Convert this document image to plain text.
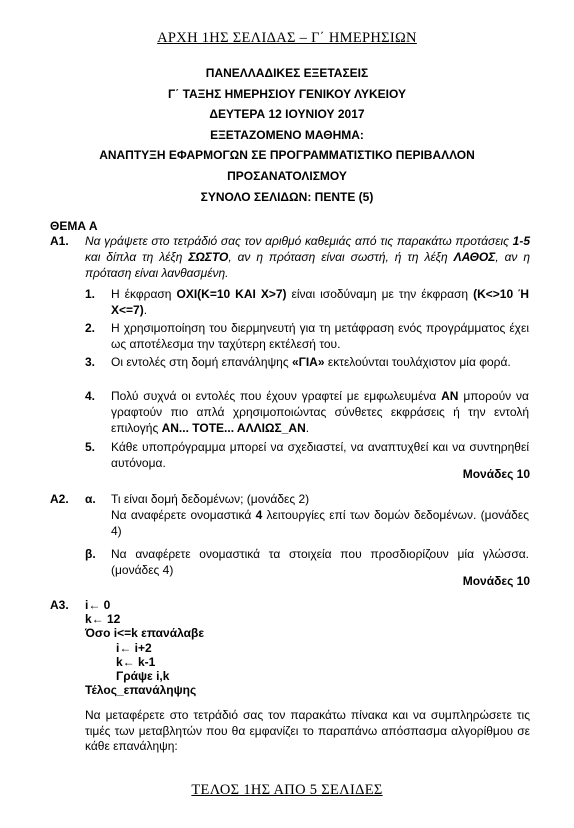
ΑΡΧΗ 1ΗΣ ΣΕΛΙΔΑΣ – Γ΄ ΗΜΕΡΗΣΙΩΝ
ΠΑΝΕΛΛΑΔΙΚΕΣ ΕΞΕΤΑΣΕΙΣ
Γ΄ ΤΑΞΗΣ ΗΜΕΡΗΣΙΟΥ ΓΕΝΙΚΟΥ ΛΥΚΕΙΟΥ
ΔΕΥΤΕΡΑ 12 ΙΟΥΝΙΟΥ 2017
ΕΞΕΤΑΖΟΜΕΝΟ ΜΑΘΗΜΑ:
ΑΝΑΠΤΥΞΗ ΕΦΑΡΜΟΓΩΝ ΣΕ ΠΡΟΓΡΑΜΜΑΤΙΣΤΙΚΟ ΠΕΡΙΒΑΛΛΟΝ
ΠΡΟΣΑΝΑΤΟΛΙΣΜΟΥ
ΣΥΝΟΛΟ ΣΕΛΙΔΩΝ: ΠΕΝΤΕ (5)
ΘΕΜΑ Α
Α1. Να γράψετε στο τετράδιό σας τον αριθμό καθεμιάς από τις παρακάτω προτάσεις 1-5 και δίπλα τη λέξη ΣΩΣΤΟ, αν η πρόταση είναι σωστή, ή τη λέξη ΛΑΘΟΣ, αν η πρόταση είναι λανθασμένη.
1.	Η έκφραση ΟΧΙ(Κ=10 ΚΑΙ Χ>7) είναι ισοδύναμη με την έκφραση (Κ<>10 Ή Χ<=7).
2.	Η χρησιμοποίηση του διερμηνευτή για τη μετάφραση ενός προγράμματος έχει ως αποτέλεσμα την ταχύτερη εκτέλεσή του.
3.	Οι εντολές στη δομή επανάληψης «ΓΙΑ» εκτελούνται τουλάχιστον μία φορά.
4.	Πολύ συχνά οι εντολές που έχουν γραφτεί με εμφωλευμένα ΑΝ μπορούν να γραφτούν πιο απλά χρησιμοποιώντας σύνθετες εκφράσεις ή την εντολή επιλογής ΑΝ... ΤΟΤΕ... ΑΛΛΙΩΣ_ΑΝ.
5.	Κάθε υποπρόγραμμα μπορεί να σχεδιαστεί, να αναπτυχθεί και να συντηρηθεί αυτόνομα.
Μονάδες 10
Α2. α. Τι είναι δομή δεδομένων; (μονάδες 2)
Να αναφέρετε ονομαστικά 4 λειτουργίες επί των δομών δεδομένων. (μονάδες 4)
β. Να αναφέρετε ονομαστικά τα στοιχεία που προσδιορίζουν μία γλώσσα. (μονάδες 4)
Μονάδες 10
Α3. i← 0
k← 12
Όσο i<=k επανάλαβε
i← i+2
k← k-1
Γράψε i,k
Τέλος_επανάληψης
Να μεταφέρετε στο τετράδιό σας τον παρακάτω πίνακα και να συμπληρώσετε τις τιμές των μεταβλητών που θα εμφανίζει το παραπάνω απόσπασμα αλγορίθμου σε κάθε επανάληψη:
ΤΕΛΟΣ 1ΗΣ ΑΠΟ 5 ΣΕΛΙΔΕΣ
